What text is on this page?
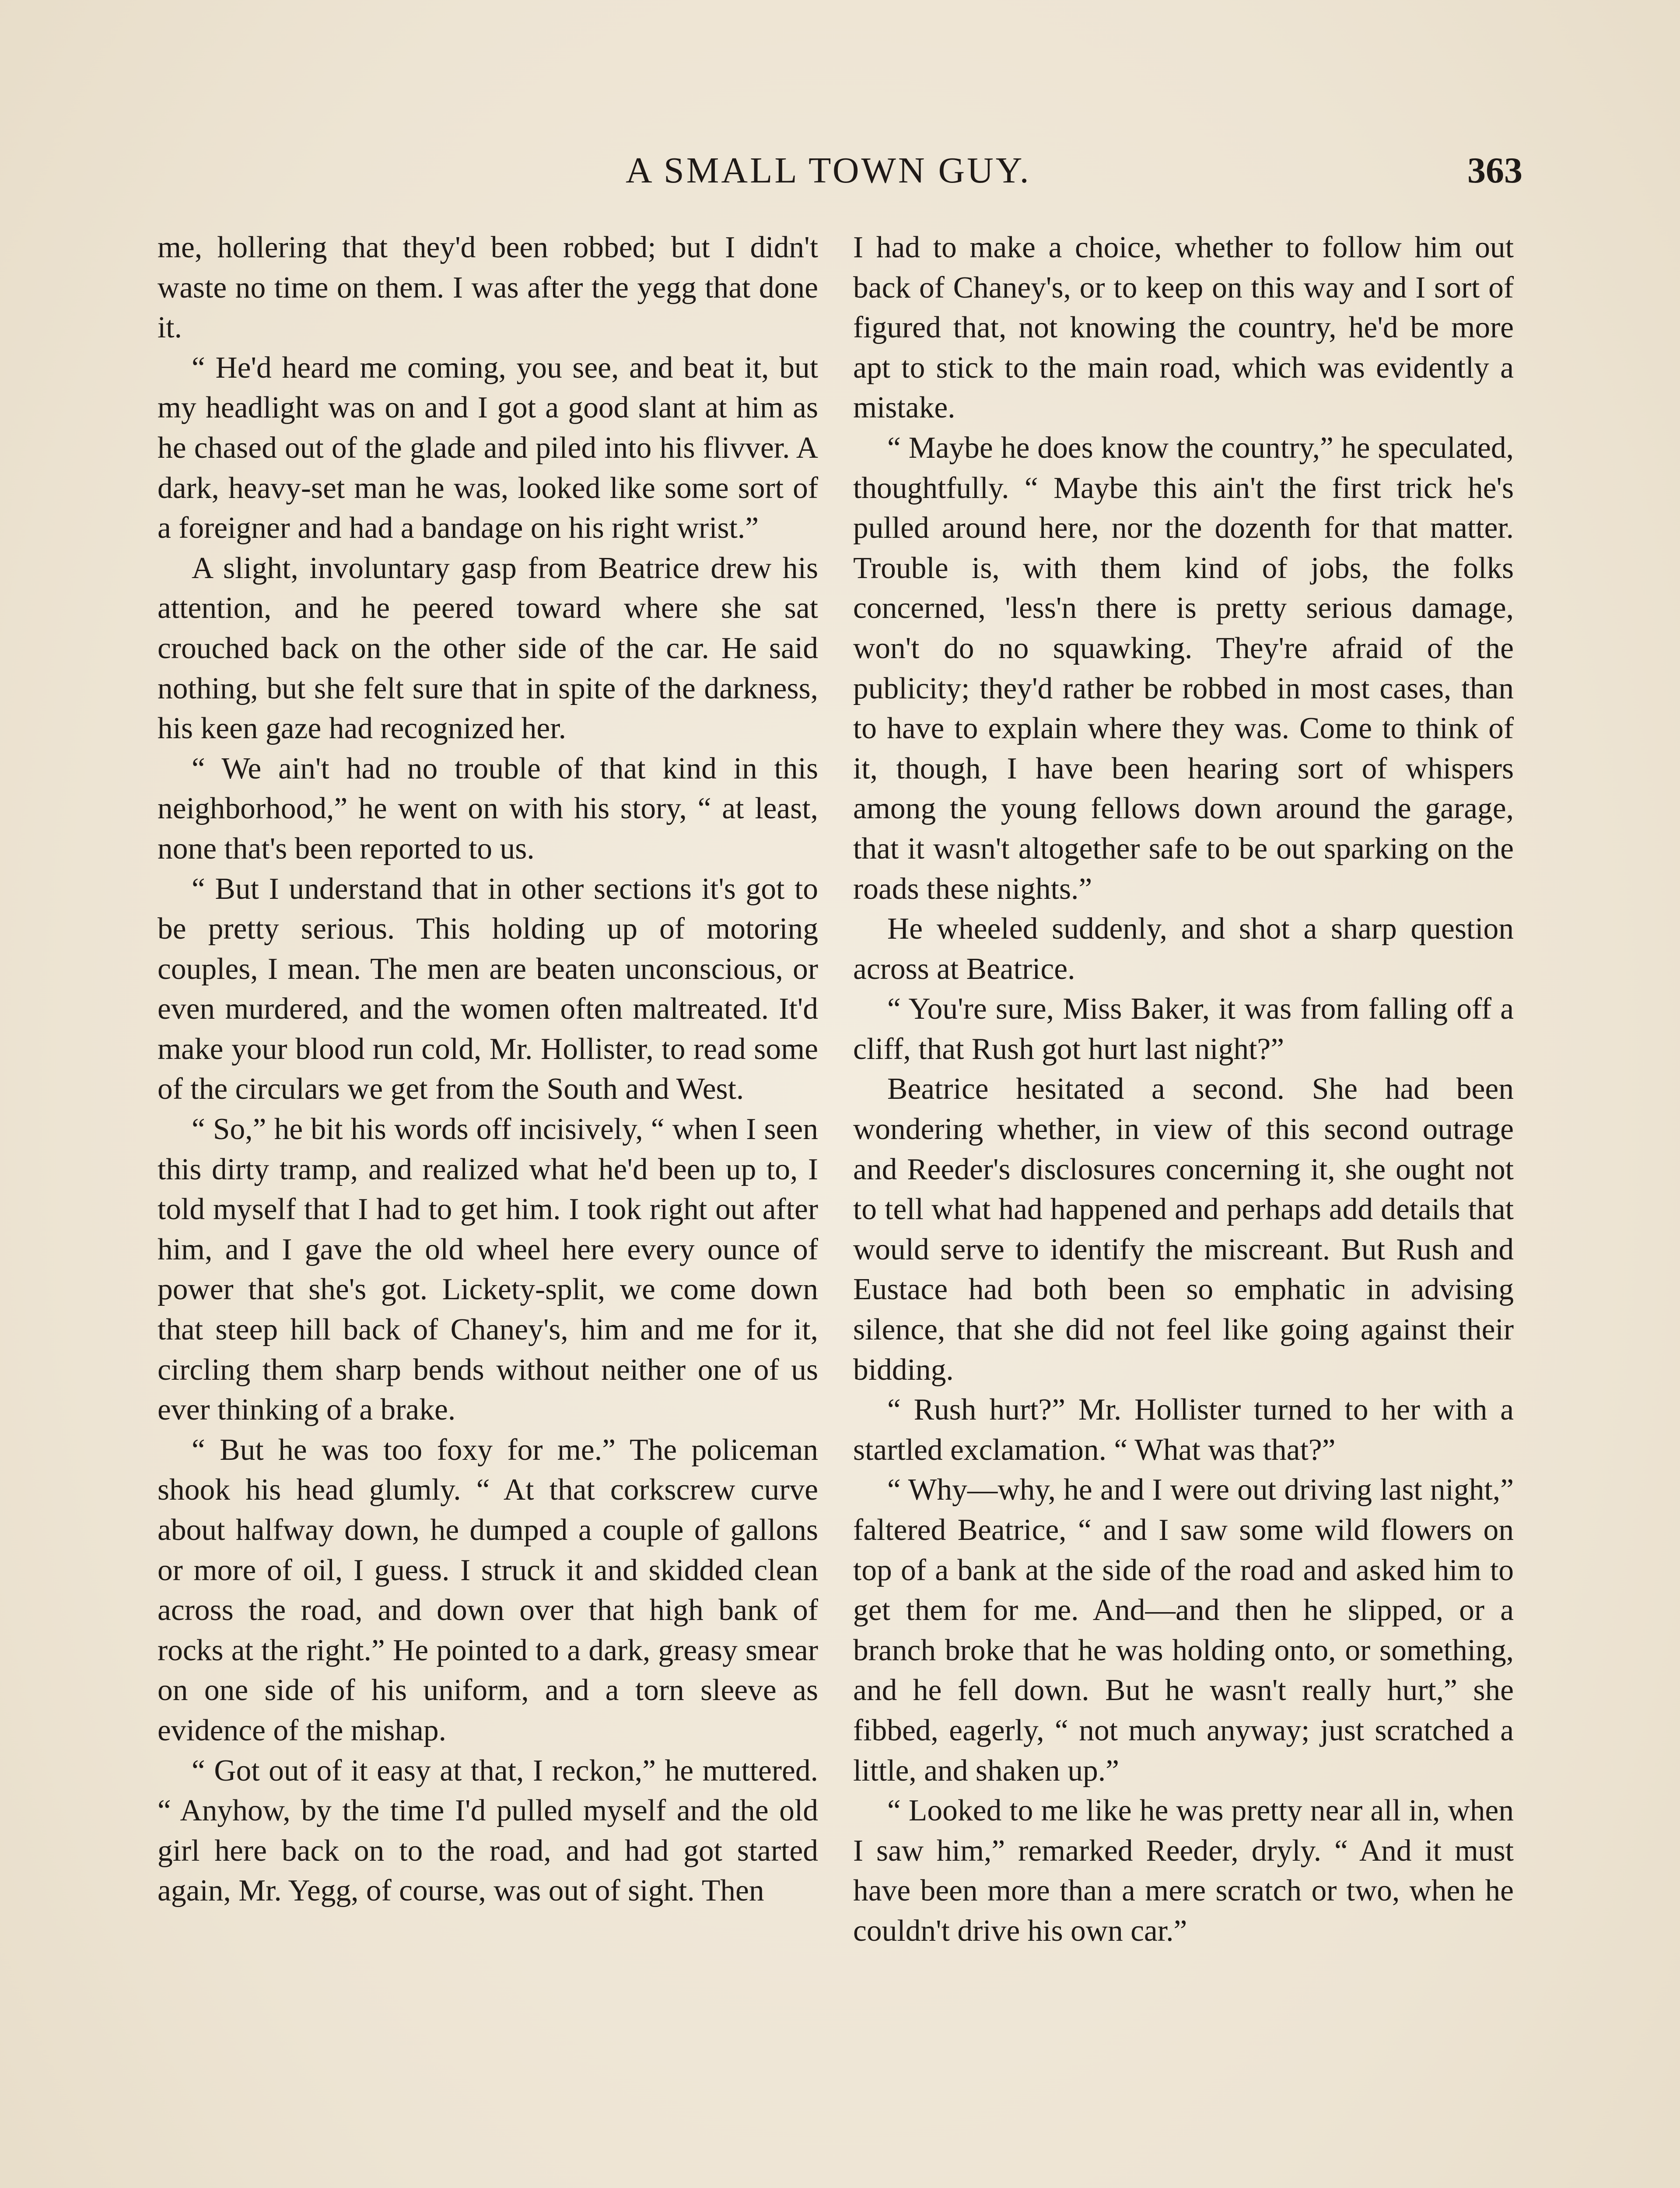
A SMALL TOWN GUY.	363

me, hollering that they'd been robbed; but I didn't waste no time on them. I was after the yegg that done it.

“ He'd heard me coming, you see, and beat it, but my headlight was on and I got a good slant at him as he chased out of the glade and piled into his flivver. A dark, heavy-set man he was, looked like some sort of a foreigner and had a bandage on his right wrist.”

A slight, involuntary gasp from Beatrice drew his attention, and he peered toward where she sat crouched back on the other side of the car. He said nothing, but she felt sure that in spite of the darkness, his keen gaze had recognized her.

“ We ain't had no trouble of that kind in this neighborhood,” he went on with his story, “ at least, none that's been reported to us.

“ But I understand that in other sections it's got to be pretty serious. This holding up of motoring couples, I mean. The men are beaten unconscious, or even murdered, and the women often maltreated. It'd make your blood run cold, Mr. Hollister, to read some of the circulars we get from the South and West.

“ So,” he bit his words off incisively, “ when I seen this dirty tramp, and realized what he'd been up to, I told myself that I had to get him. I took right out after him, and I gave the old wheel here every ounce of power that she's got. Lickety-split, we come down that steep hill back of Chaney's, him and me for it, circling them sharp bends without neither one of us ever thinking of a brake.

“ But he was too foxy for me.” The policeman shook his head glumly. “ At that corkscrew curve about halfway down, he dumped a couple of gallons or more of oil, I guess. I struck it and skidded clean across the road, and down over that high bank of rocks at the right.” He pointed to a dark, greasy smear on one side of his uniform, and a torn sleeve as evidence of the mishap.

“ Got out of it easy at that, I reckon,” he muttered. “ Anyhow, by the time I'd pulled myself and the old girl here back on to the road, and had got started again, Mr. Yegg, of course, was out of sight. Then

I had to make a choice, whether to follow him out back of Chaney's, or to keep on this way and I sort of figured that, not knowing the country, he'd be more apt to stick to the main road, which was evidently a mistake.

“ Maybe he does know the country,” he speculated, thoughtfully. “ Maybe this ain't the first trick he's pulled around here, nor the dozenth for that matter. Trouble is, with them kind of jobs, the folks concerned, 'less'n there is pretty serious damage, won't do no squawking. They're afraid of the publicity; they'd rather be robbed in most cases, than to have to explain where they was. Come to think of it, though, I have been hearing sort of whispers among the young fellows down around the garage, that it wasn't altogether safe to be out sparking on the roads these nights.”

He wheeled suddenly, and shot a sharp question across at Beatrice.

“ You're sure, Miss Baker, it was from falling off a cliff, that Rush got hurt last night?”

Beatrice hesitated a second. She had been wondering whether, in view of this second outrage and Reeder's disclosures concerning it, she ought not to tell what had happened and perhaps add details that would serve to identify the miscreant. But Rush and Eustace had both been so emphatic in advising silence, that she did not feel like going against their bidding.

“ Rush hurt?” Mr. Hollister turned to her with a startled exclamation. “ What was that?”

“ Why—why, he and I were out driving last night,” faltered Beatrice, “ and I saw some wild flowers on top of a bank at the side of the road and asked him to get them for me. And—and then he slipped, or a branch broke that he was holding onto, or something, and he fell down. But he wasn't really hurt,” she fibbed, eagerly, “ not much anyway; just scratched a little, and shaken up.”

“ Looked to me like he was pretty near all in, when I saw him,” remarked Reeder, dryly. “ And it must have been more than a mere scratch or two, when he couldn't drive his own car.”
